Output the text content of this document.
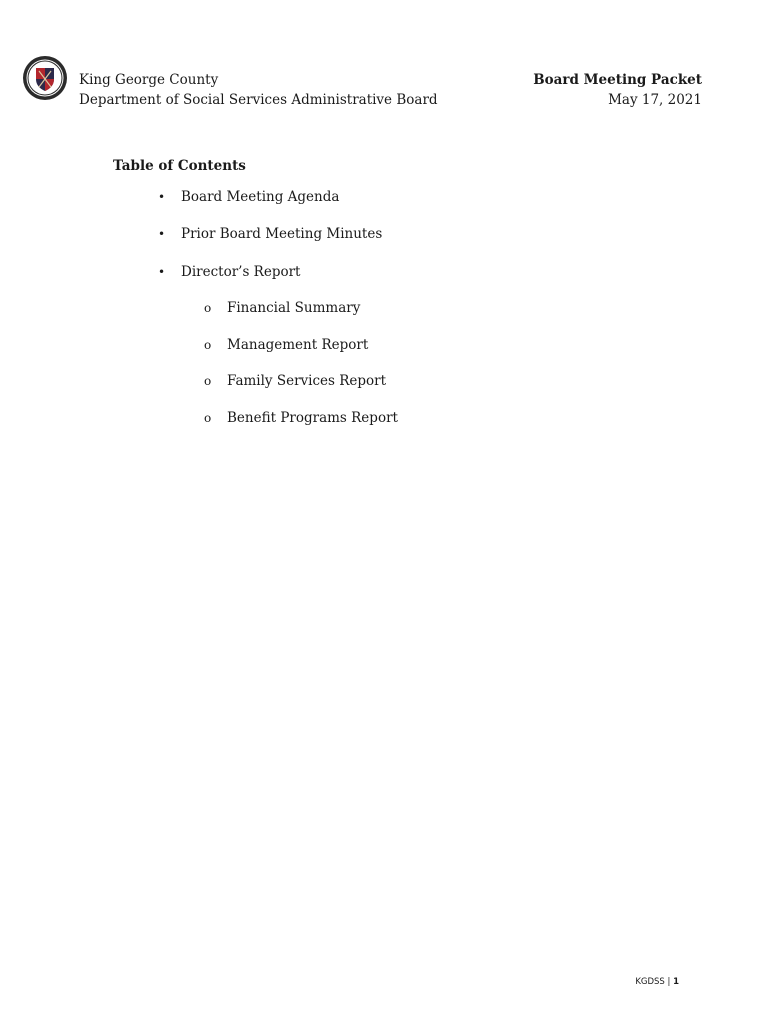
King George County
Department of Social Services Administrative Board
Board Meeting Packet
May 17, 2021
Table of Contents
• Board Meeting Agenda
• Prior Board Meeting Minutes
• Director’s Report
o Financial Summary
o Management Report
o Family Services Report
o Benefit Programs Report
KGDSS | 1
